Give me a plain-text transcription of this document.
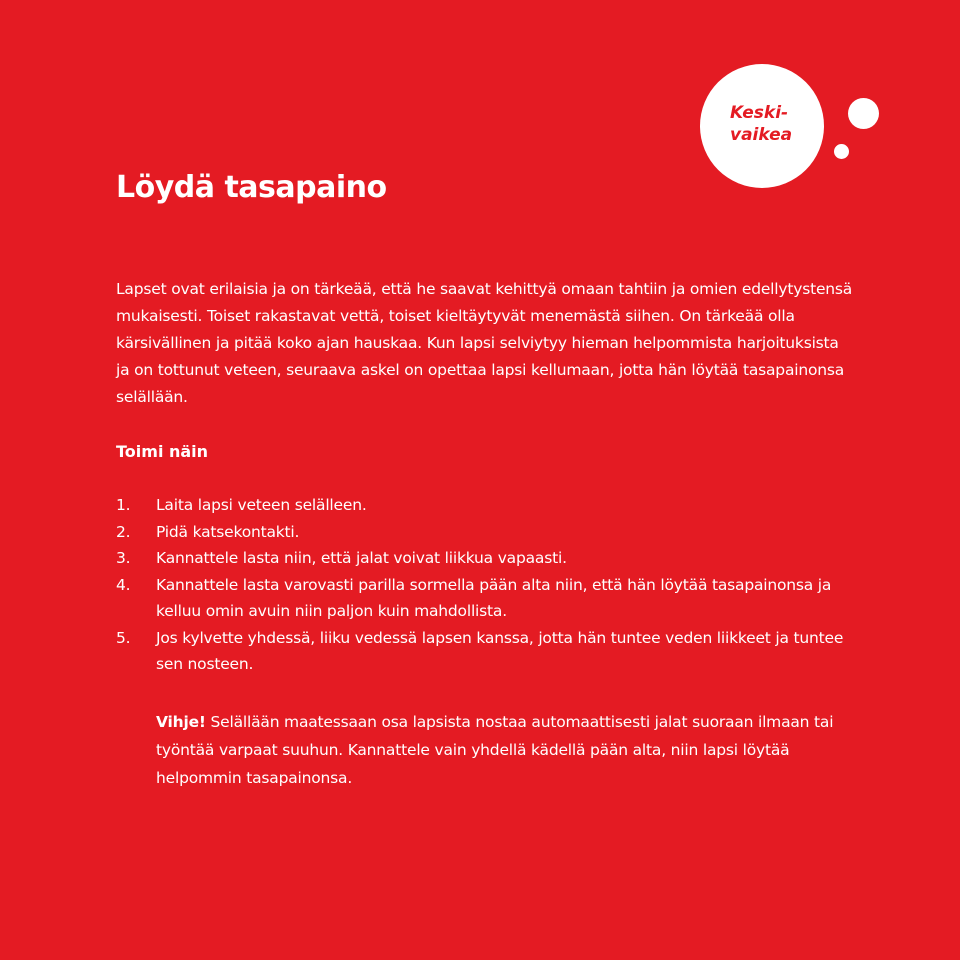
Löydä tasapaino

Keski-
vaikea

Lapset ovat erilaisia ja on tärkeää, että he saavat kehittyä omaan tahtiin ja omien edellytystensä mukaisesti. Toiset rakastavat vettä, toiset kieltäytyvät menemästä siihen. On tärkeää olla kärsivällinen ja pitää koko ajan hauskaa. Kun lapsi selviytyy hieman helpommista harjoituksista ja on tottunut veteen, seuraava askel on opettaa lapsi kellumaan, jotta hän löytää tasapainonsa selällään.

Toimi näin
1. Laita lapsi veteen selälleen.
2. Pidä katsekontakti.
3. Kannattele lasta niin, että jalat voivat liikkua vapaasti.
4. Kannattele lasta varovasti parilla sormella pään alta niin, että hän löytää tasapainonsa ja kelluu omin avuin niin paljon kuin mahdollista.
5. Jos kylvette yhdessä, liiku vedessä lapsen kanssa, jotta hän tuntee veden liikkeet ja tuntee sen nosteen.

Vihje! Selällään maatessaan osa lapsista nostaa automaattisesti jalat suoraan ilmaan tai työntää varpaat suuhun. Kannattele vain yhdellä kädellä pään alta, niin lapsi löytää helpommin tasapainonsa.
